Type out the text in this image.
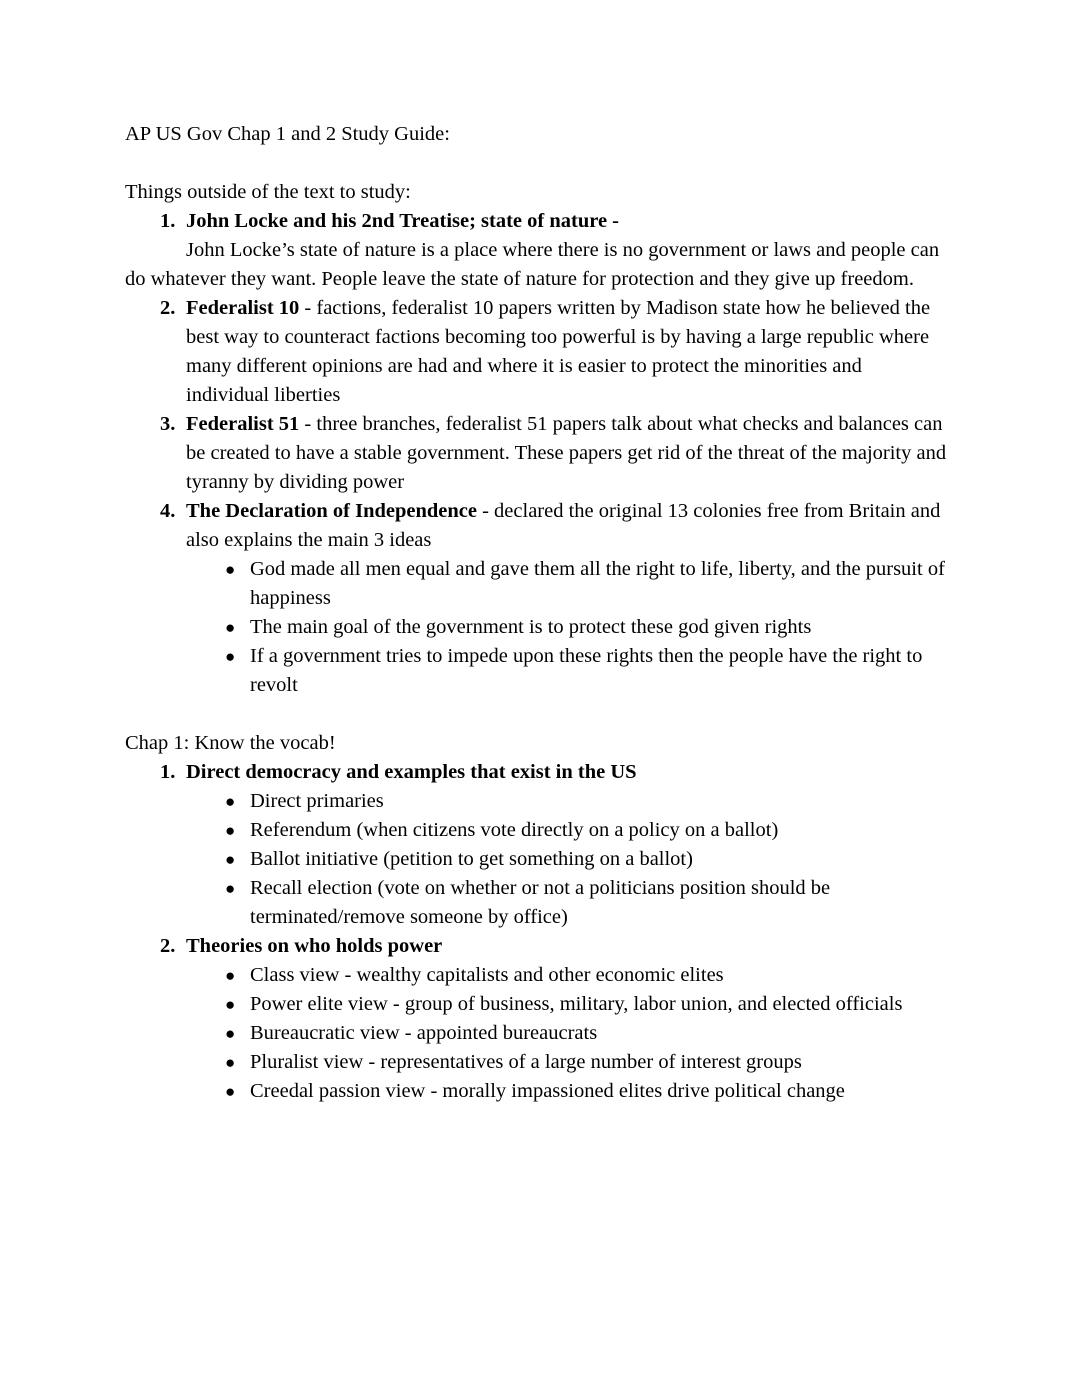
AP US Gov Chap 1 and 2 Study Guide:

Things outside of the text to study:

1. John Locke and his 2nd Treatise; state of nature -

John Locke’s state of nature is a place where there is no government or laws and people can do whatever they want. People leave the state of nature for protection and they give up freedom.

2. Federalist 10 - factions, federalist 10 papers written by Madison state how he believed the best way to counteract factions becoming too powerful is by having a large republic where many different opinions are had and where it is easier to protect the minorities and individual liberties
3. Federalist 51 - three branches, federalist 51 papers talk about what checks and balances can be created to have a stable government. These papers get rid of the threat of the majority and tyranny by dividing power
4. The Declaration of Independence - declared the original 13 colonies free from Britain and also explains the main 3 ideas
● God made all men equal and gave them all the right to life, liberty, and the pursuit of happiness
● The main goal of the government is to protect these god given rights
● If a government tries to impede upon these rights then the people have the right to revolt

Chap 1: Know the vocab!

1. Direct democracy and examples that exist in the US
● Direct primaries
● Referendum (when citizens vote directly on a policy on a ballot)
● Ballot initiative (petition to get something on a ballot)
● Recall election (vote on whether or not a politicians position should be terminated/remove someone by office)
2. Theories on who holds power
● Class view - wealthy capitalists and other economic elites
● Power elite view - group of business, military, labor union, and elected officials
● Bureaucratic view - appointed bureaucrats
● Pluralist view - representatives of a large number of interest groups
● Creedal passion view - morally impassioned elites drive political change
